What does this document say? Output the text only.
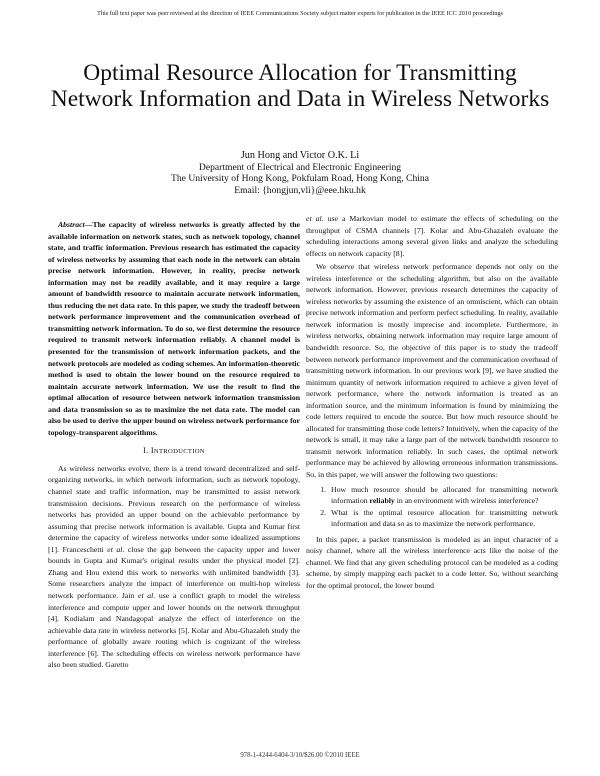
This full text paper was peer reviewed at the direction of IEEE Communications Society subject matter experts for publication in the IEEE ICC 2010 proceedings
Optimal Resource Allocation for Transmitting Network Information and Data in Wireless Networks
Jun Hong and Victor O.K. Li
Department of Electrical and Electronic Engineering
The University of Hong Kong, Pokfulam Road, Hong Kong, China
Email: {hongjun,vli}@eee.hku.hk

Abstract—The capacity of wireless networks is greatly affected by the available information on network states, such as network topology, channel state, and traffic information. Previous research has estimated the capacity of wireless networks by assuming that each node in the network can obtain precise network information. However, in reality, precise network information may not be readily available, and it may require a large amount of bandwidth resource to maintain accurate network information, thus reducing the net data rate. In this paper, we study the tradeoff between network performance improvement and the communication overhead of transmitting network information. To do so, we first determine the resource required to transmit network information reliably. A channel model is presented for the transmission of network information packets, and the network protocols are modeled as coding schemes. An information-theoretic method is used to obtain the lower bound on the resource required to maintain accurate network information. We use the result to find the optimal allocation of resource between network information transmission and data transmission so as to maximize the net data rate. The model can also be used to derive the upper bound on wireless network performance for topology-transparent algorithms.

I. INTRODUCTION

As wireless networks evolve, there is a trend toward decentralized and self-organizing networks, in which network information, such as network topology, channel state and traffic information, may be transmitted to assist network transmission decisions. Previous research on the performance of wireless networks has provided an upper bound on the achievable performance by assuming that precise network information is available. Gupta and Kumar first determine the capacity of wireless networks under some idealized assumptions [1]. Franceschetti et al. close the gap between the capacity upper and lower bounds in Gupta and Kumar's original results under the physical model [2]. Zhang and Hou extend this work to networks with unlimited bandwidth [3]. Some researchers analyze the impact of interference on multi-hop wireless network performance. Jain et al. use a conflict graph to model the wireless interference and compute upper and lower bounds on the network throughput [4]. Kodialam and Nandagopal analyze the effect of interference on the achievable data rate in wireless networks [5]. Kolar and Abu-Ghazaleh study the performance of globally aware routing which is cognizant of the wireless interference [6]. The scheduling effects on wireless network performance have also been studied. Garetto

et al. use a Markovian model to estimate the effects of scheduling on the throughput of CSMA channels [7]. Kolar and Abu-Ghazaleh evaluate the scheduling interactions among several given links and analyze the scheduling effects on network capacity [8].

We observe that wireless network performance depends not only on the wireless interference or the scheduling algorithm, but also on the available network information. However, previous research determines the capacity of wireless networks by assuming the existence of an omniscient, which can obtain precise network information and perform perfect scheduling. In reality, available network information is mostly imprecise and incomplete. Furthermore, in wireless networks, obtaining network information may require large amount of bandwidth resource. So, the objective of this paper is to study the tradeoff between network performance improvement and the communication overhead of transmitting network information. In our previous work [9], we have studied the minimum quantity of network information required to achieve a given level of network performance, where the network information is treated as an information source, and the minimum information is found by minimizing the code letters required to encode the source. But how much resource should be allocated for transmitting those code letters? Intuitively, when the capacity of the network is small, it may take a large part of the network bandwidth resource to transmit network information reliably. In such cases, the optimal network performance may be achieved by allowing erroneous information transmissions. So, in this paper, we will answer the following two questions:

1. How much resource should be allocated for transmitting network information reliably in an environment with wireless interference?
2. What is the optimal resource allocation for transmitting network information and data so as to maximize the network performance.

In this paper, a packet transmission is modeled as an input character of a noisy channel, where all the wireless interference acts like the noise of the channel. We find that any given scheduling protocol can be modeled as a coding scheme, by simply mapping each packet to a code letter. So, without searching for the optimal protocol, the lower bound

978-1-4244-6404-3/10/$26.00 ©2010 IEEE
